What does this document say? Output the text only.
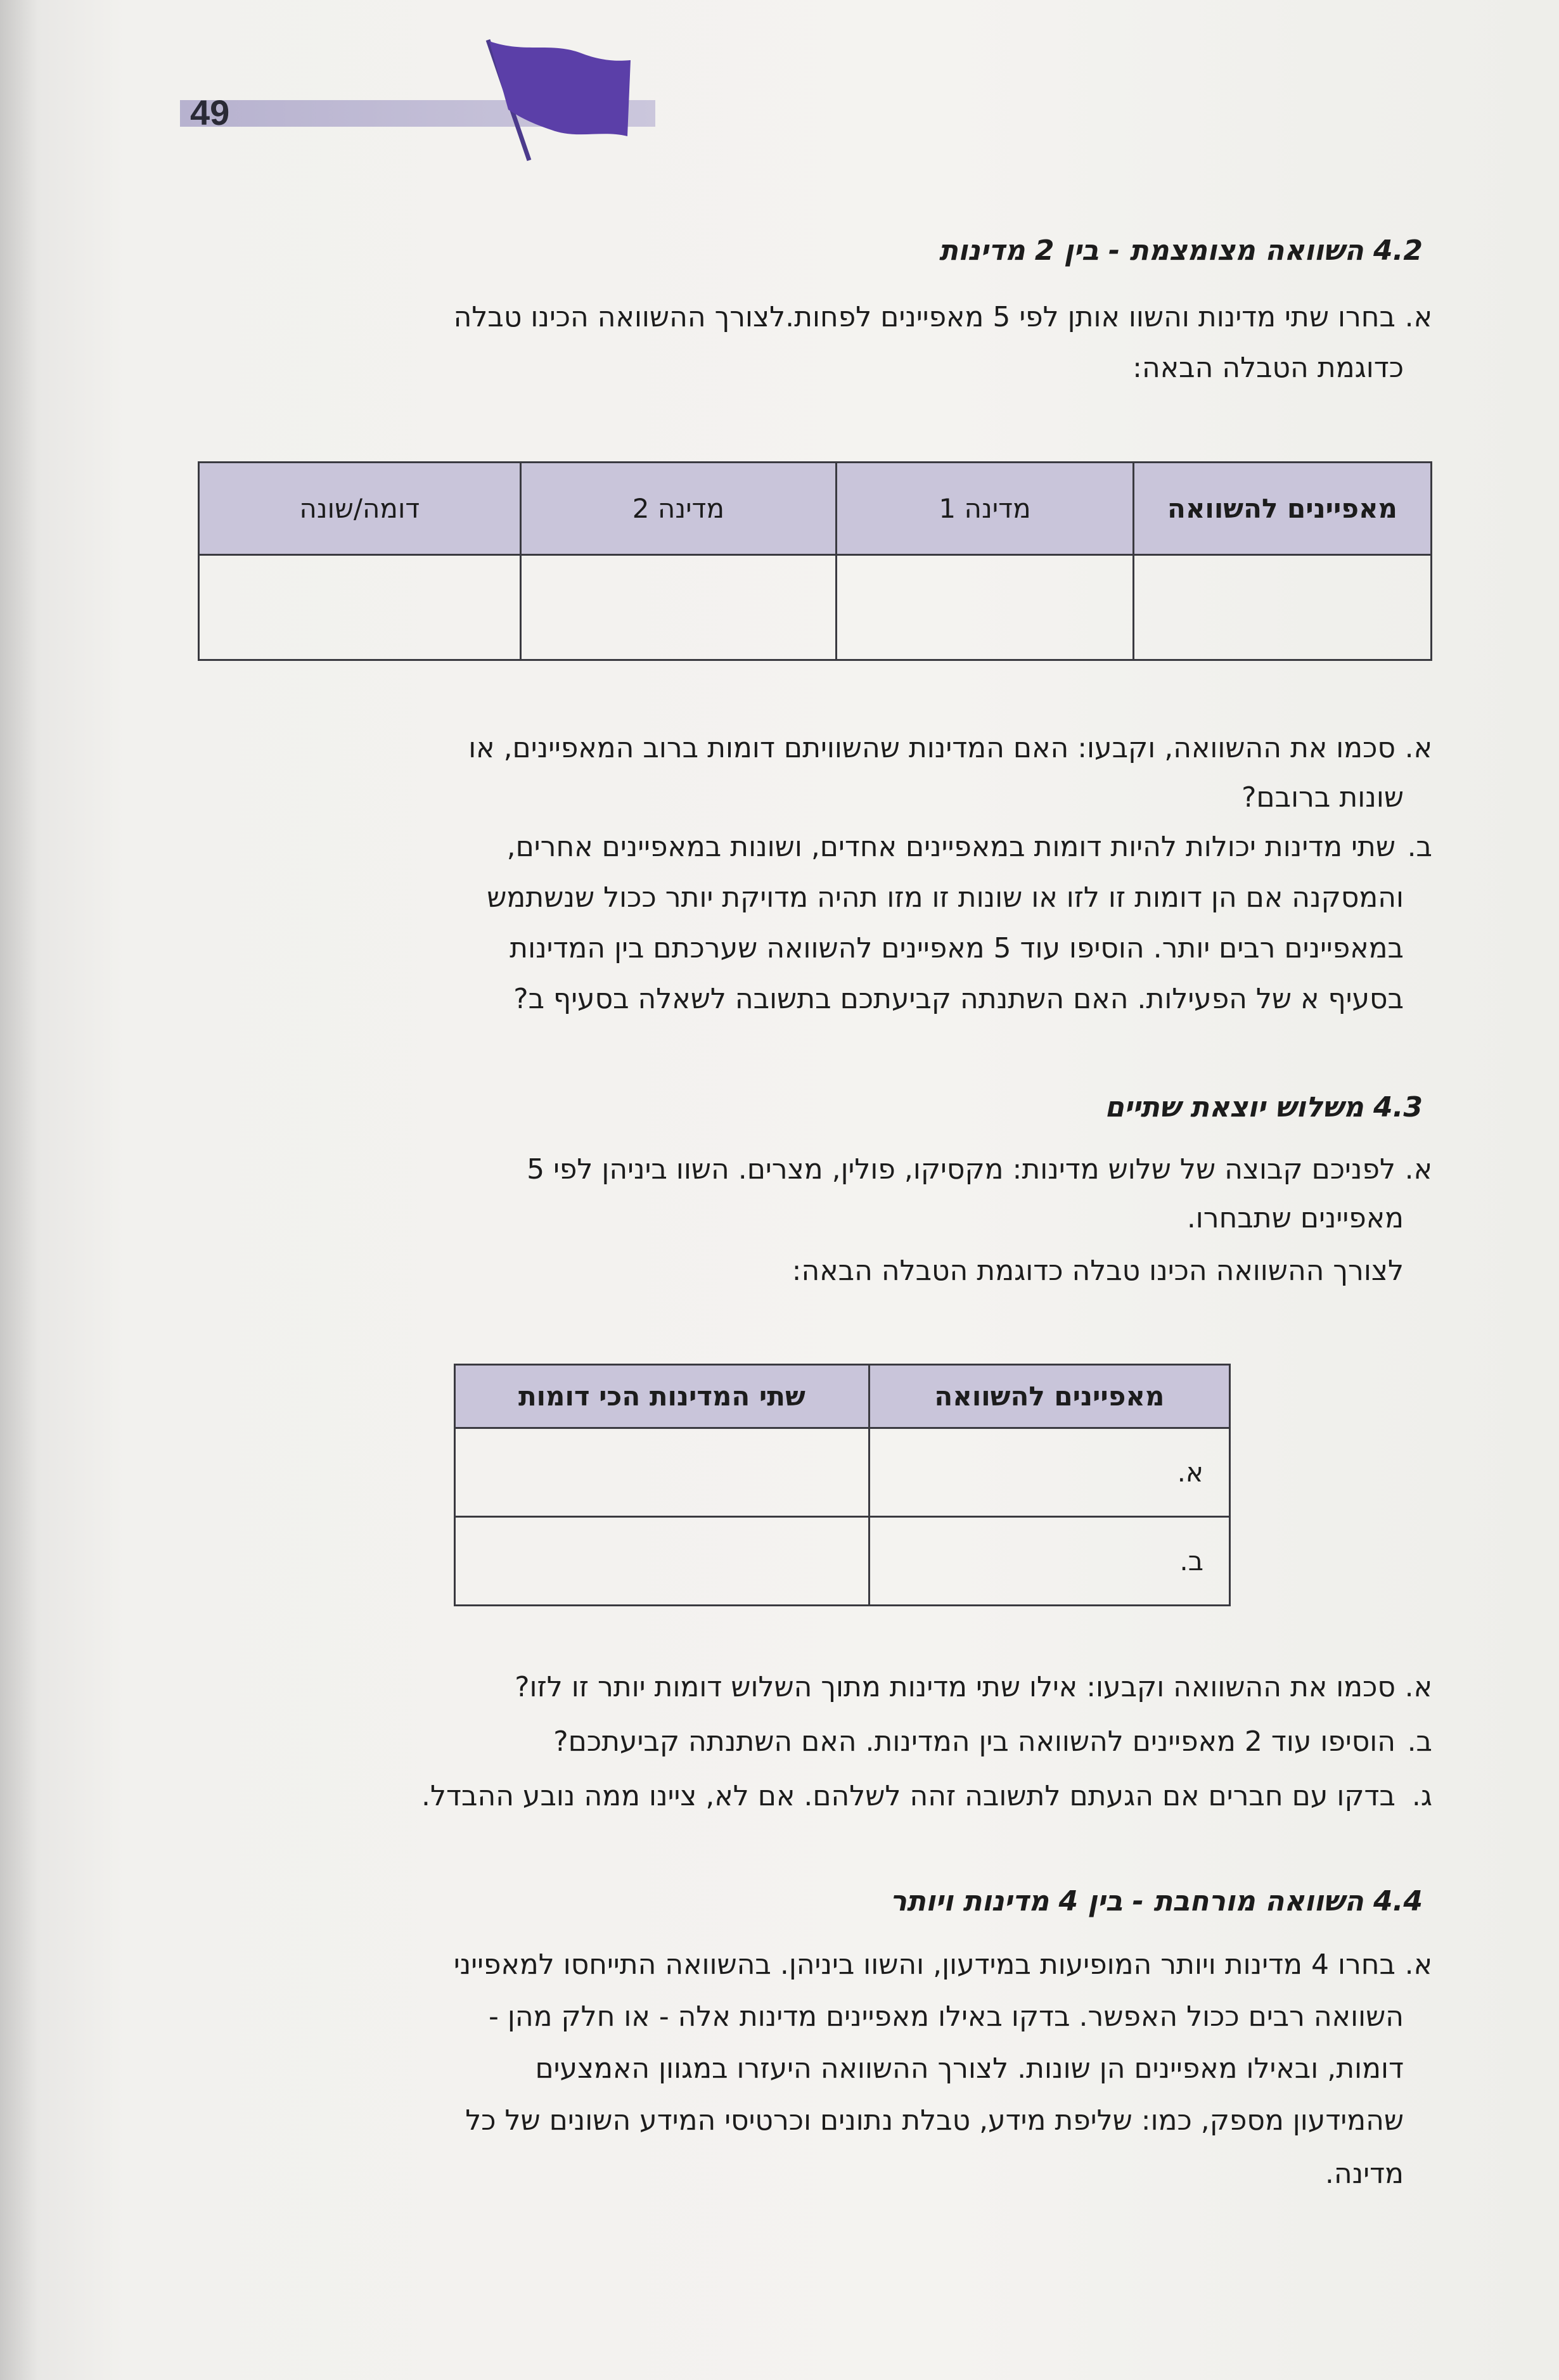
49
4.2 השוואה מצומצמת - בין 2 מדינות
א.בחרו שתי מדינות והשוו אותן לפי 5 מאפיינים לפחות.לצורך ההשוואה הכינו טבלה
כדוגמת הטבלה הבאה:
מאפיינים להשוואה	מדינה 1	מדינה 2	דומה/שונה

א.סכמו את ההשוואה, וקבעו: האם המדינות שהשוויתם דומות ברוב המאפיינים, או
שונות ברובם?
ב.שתי מדינות יכולות להיות דומות במאפיינים אחדים, ושונות במאפיינים אחרים,
והמסקנה אם הן דומות זו לזו או שונות זו מזו תהיה מדויקת יותר ככול שנשתמש
במאפיינים רבים יותר. הוסיפו עוד 5 מאפיינים להשוואה שערכתם בין המדינות
בסעיף א של הפעילות. האם השתנתה קביעתכם בתשובה לשאלה בסעיף ב?
4.3 משלוש יוצאת שתיים
א.לפניכם קבוצה של שלוש מדינות: מקסיקו, פולין, מצרים. השוו ביניהן לפי 5
מאפיינים שתבחרו.
לצורך ההשוואה הכינו טבלה כדוגמת הטבלה הבאה:
מאפיינים להשוואה	שתי המדינות הכי דומות
א.	
ב.	
א.סכמו את ההשוואה וקבעו: אילו שתי מדינות מתוך השלוש דומות יותר זו לזו?
ב.הוסיפו עוד 2 מאפיינים להשוואה בין המדינות. האם השתנתה קביעתכם?
ג.בדקו עם חברים אם הגעתם לתשובה זהה לשלהם. אם לא, ציינו ממה נובע ההבדל.
4.4 השוואה מורחבת - בין 4 מדינות ויותר
א.בחרו 4 מדינות ויותר המופיעות במידעון, והשוו ביניהן. בהשוואה התייחסו למאפייני
השוואה רבים ככול האפשר. בדקו באילו מאפיינים מדינות אלה - או חלק מהן -
דומות, ובאילו מאפיינים הן שונות. לצורך ההשוואה היעזרו במגוון האמצעים
שהמידעון מספק, כמו: שליפת מידע, טבלת נתונים וכרטיסי המידע השונים של כל
מדינה.
